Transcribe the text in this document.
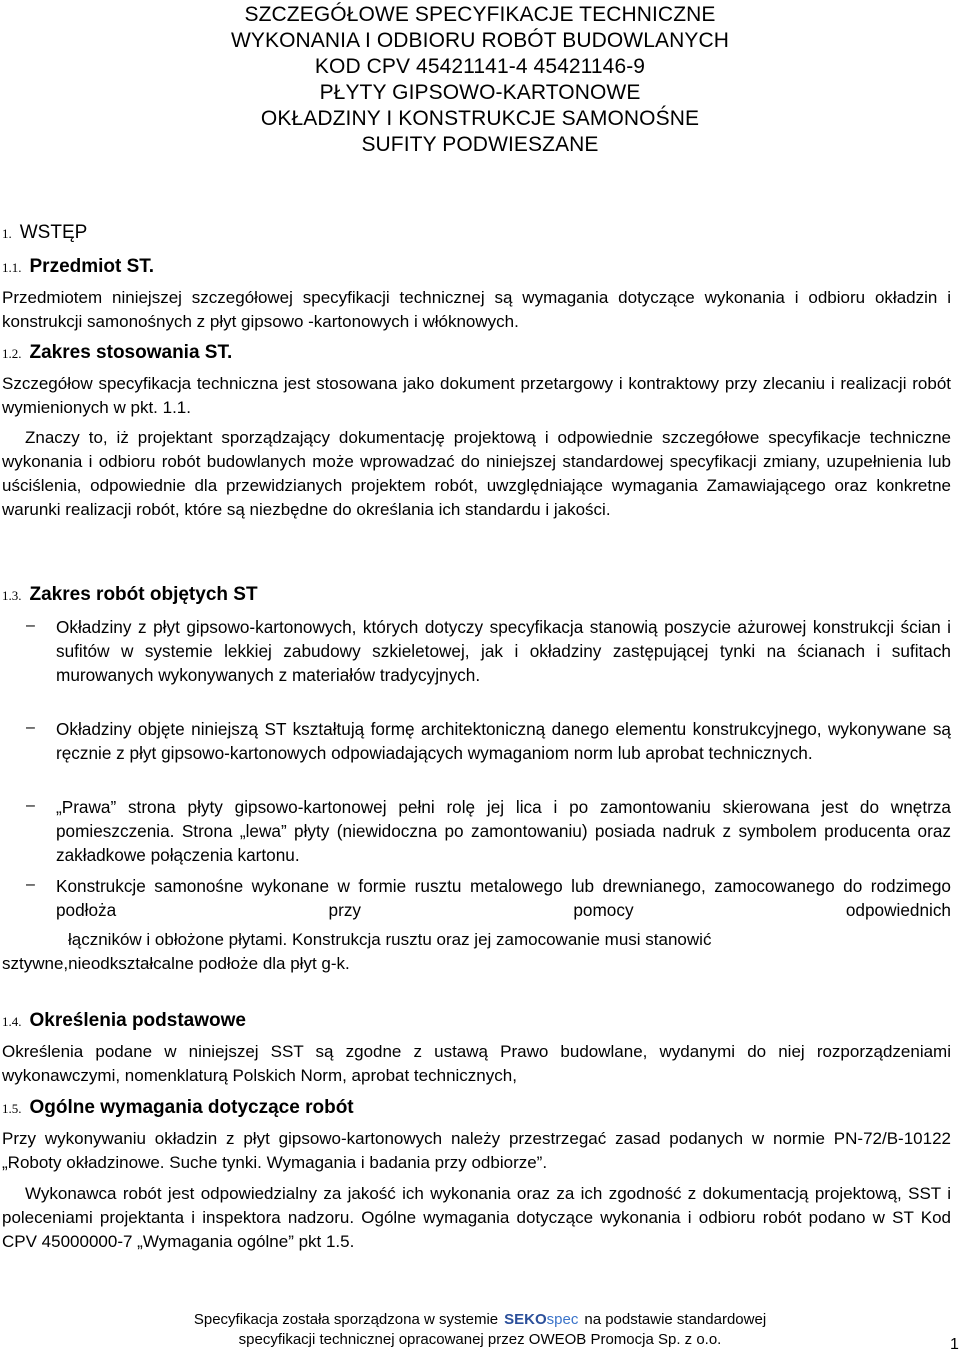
SZCZEGÓŁOWE SPECYFIKACJE TECHNICZNE
WYKONANIA I ODBIORU ROBÓT BUDOWLANYCH
KOD CPV 45421141-4 45421146-9
PŁYTY GIPSOWO-KARTONOWE
OKŁADZINY I KONSTRUKCJE SAMONOŚNE
SUFITY PODWIESZANE
1. WSTĘP
1.1. Przedmiot ST.
Przedmiotem niniejszej szczegółowej specyfikacji technicznej są wymagania dotyczące wykonania i odbioru okładzin i konstrukcji samonośnych z płyt gipsowo -kartonowych i włóknowych.
1.2. Zakres stosowania ST.
Szczegółow specyfikacja techniczna jest stosowana jako dokument przetargowy i kontraktowy przy zlecaniu i realizacji robót wymienionych w pkt. 1.1.
Znaczy to, iż projektant sporządzający dokumentację projektową i odpowiednie szczegółowe specyfikacje techniczne wykonania i odbioru robót budowlanych może wprowadzać do niniejszej standardowej specyfikacji zmiany, uzupełnienia lub uściślenia, odpowiednie dla przewidzianych projektem robót, uwzględniające wymagania Zamawiającego oraz konkretne warunki realizacji robót, które są niezbędne do określania ich standardu i jakości.
1.3. Zakres robót objętych ST
– Okładziny z płyt gipsowo-kartonowych, których dotyczy specyfikacja stanowią poszycie ażurowej konstrukcji ścian i sufitów w systemie lekkiej zabudowy szkieletowej, jak i okładziny zastępującej tynki na ścianach i sufitach murowanych wykonywanych z materiałów tradycyjnych.
– Okładziny objęte niniejszą ST kształtują formę architektoniczną danego elementu konstrukcyjnego, wykonywane są ręcznie z płyt gipsowo-kartonowych odpowiadających wymaganiom norm lub aprobat technicznych.
– „Prawa” strona płyty gipsowo-kartonowej pełni rolę jej lica i po zamontowaniu skierowana jest do wnętrza pomieszczenia. Strona „lewa” płyty (niewidoczna po zamontowaniu) posiada nadruk z symbolem producenta oraz zakładkowe połączenia kartonu.
– Konstrukcje samonośne wykonane w formie rusztu metalowego lub drewnianego, zamocowanego do rodzimego podłoża przy pomocy odpowiednich
łączników i obłożone płytami. Konstrukcja rusztu oraz jej zamocowanie musi stanowić
sztywne,nieodkształcalne podłoże dla płyt g-k.
1.4. Określenia podstawowe
Określenia podane w niniejszej SST są zgodne z ustawą Prawo budowlane, wydanymi do niej rozporządzeniami wykonawczymi, nomenklaturą Polskich Norm, aprobat technicznych,
1.5. Ogólne wymagania dotyczące robót
Przy wykonywaniu okładzin z płyt gipsowo-kartonowych należy przestrzegać zasad podanych w normie PN-72/B-10122 „Roboty okładzinowe. Suche tynki. Wymagania i badania przy odbiorze”.
Wykonawca robót jest odpowiedzialny za jakość ich wykonania oraz za ich zgodność z dokumentacją projektową, SST i poleceniami projektanta i inspektora nadzoru. Ogólne wymagania dotyczące wykonania i odbioru robót podano w ST Kod CPV 45000000-7 „Wymagania ogólne” pkt 1.5.
Specyfikacja została sporządzona w systemie SEKOspec na podstawie standardowej
specyfikacji technicznej opracowanej przez OWEOB Promocja Sp. z o.o.	1
